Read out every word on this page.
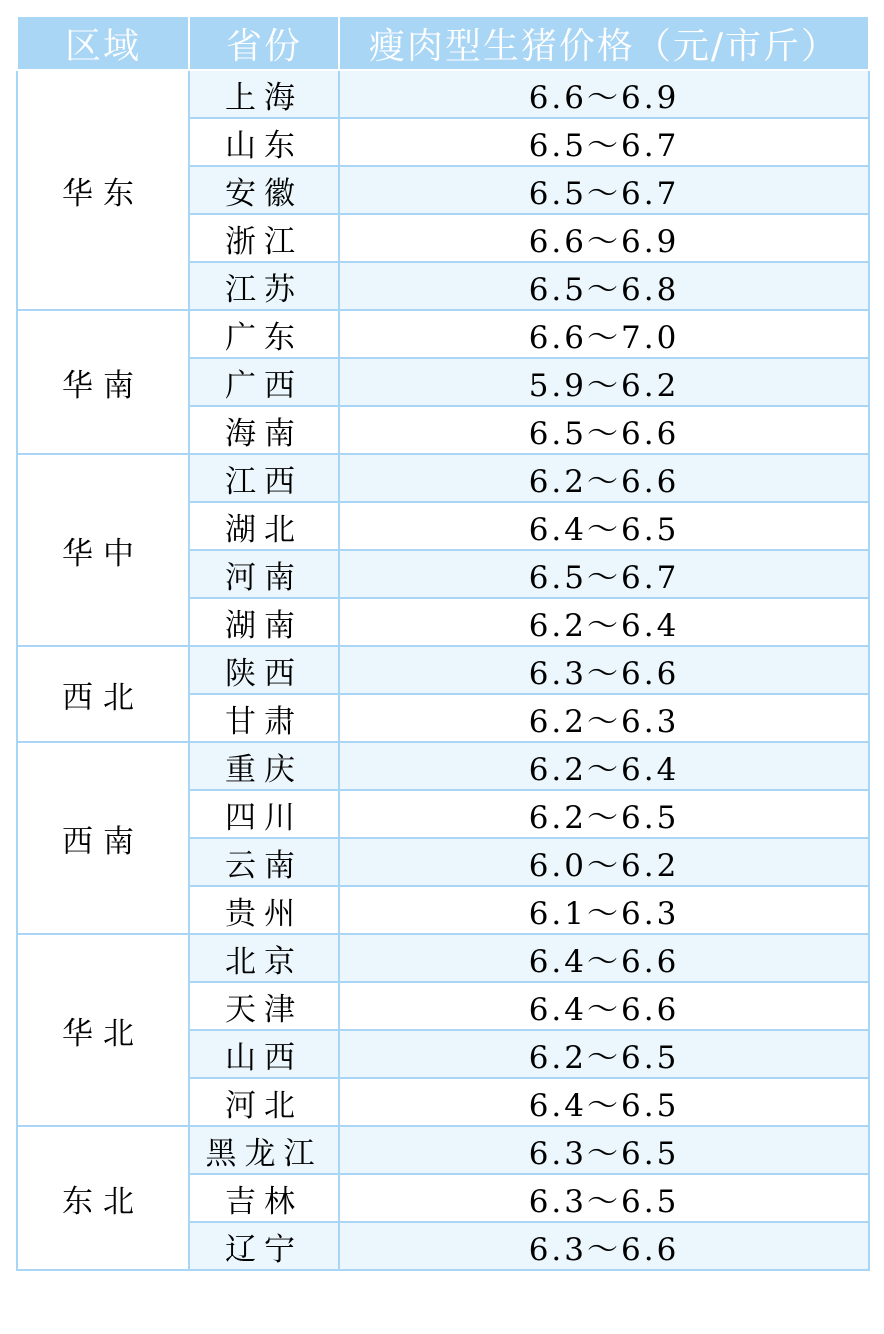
区域	省份	瘦肉型生猪价格（元/市斤）
华东	上海	6.6～6.9
	山东	6.5～6.7
	安徽	6.5～6.7
	浙江	6.6～6.9
	江苏	6.5～6.8
华南	广东	6.6～7.0
	广西	5.9～6.2
	海南	6.5～6.6
华中	江西	6.2～6.6
	湖北	6.4～6.5
	河南	6.5～6.7
	湖南	6.2～6.4
西北	陕西	6.3～6.6
	甘肃	6.2～6.3
西南	重庆	6.2～6.4
	四川	6.2～6.5
	云南	6.0～6.2
	贵州	6.1～6.3
华北	北京	6.4～6.6
	天津	6.4～6.6
	山西	6.2～6.5
	河北	6.4～6.5
东北	黑龙江	6.3～6.5
	吉林	6.3～6.5
	辽宁	6.3～6.6
